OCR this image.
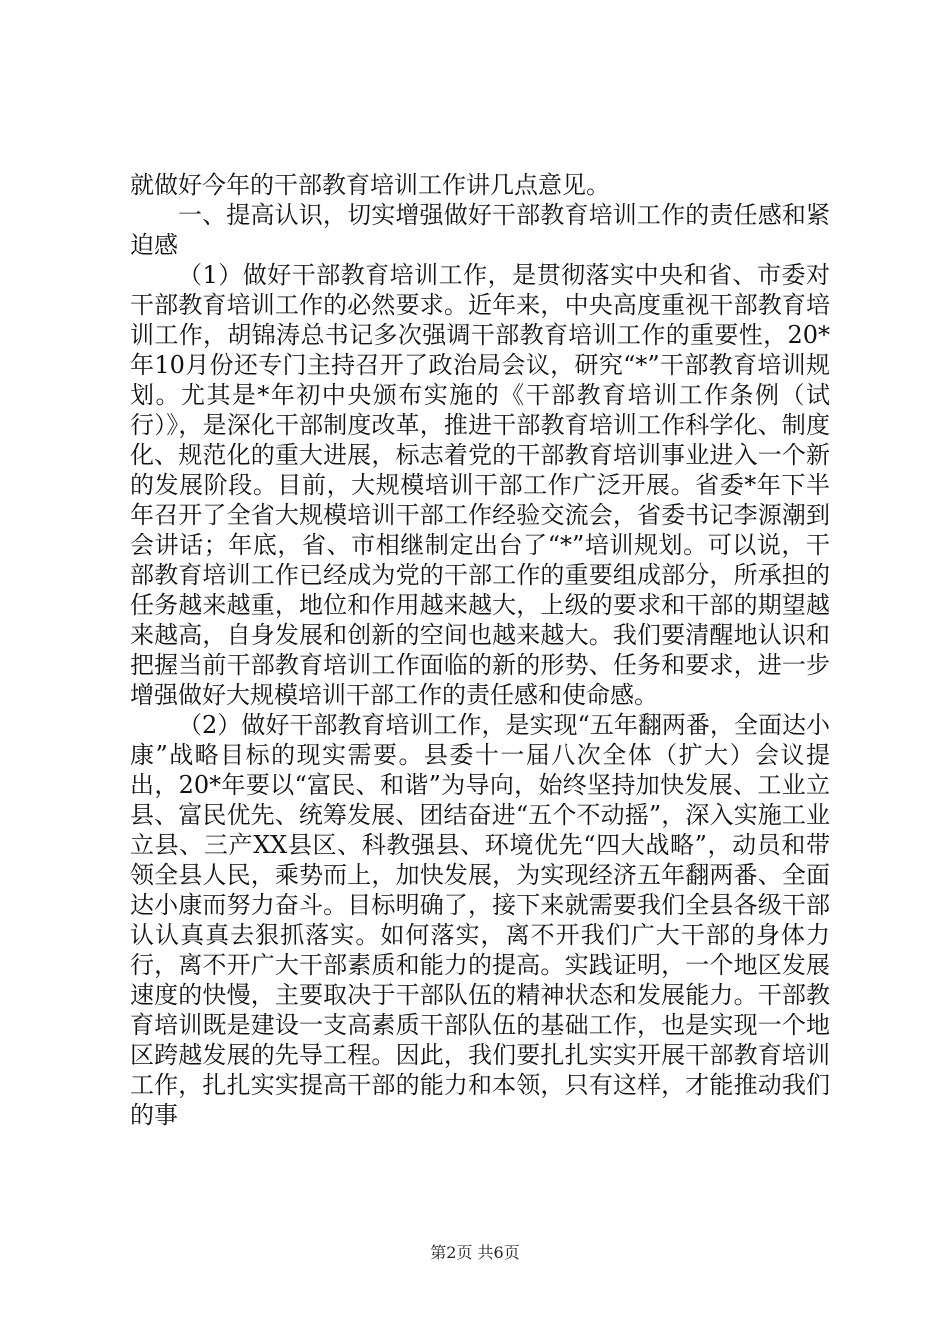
就做好今年的干部教育培训工作讲几点意见。

一、提高认识，切实增强做好干部教育培训工作的责任感和紧迫感

（1）做好干部教育培训工作，是贯彻落实中央和省、市委对干部教育培训工作的必然要求。近年来，中央高度重视干部教育培训工作，胡锦涛总书记多次强调干部教育培训工作的重要性，20*年10月份还专门主持召开了政治局会议，研究“*”干部教育培训规划。尤其是*年初中央颁布实施的《干部教育培训工作条例（试行）》，是深化干部制度改革，推进干部教育培训工作科学化、制度化、规范化的重大进展，标志着党的干部教育培训事业进入一个新的发展阶段。目前，大规模培训干部工作广泛开展。省委*年下半年召开了全省大规模培训干部工作经验交流会，省委书记李源潮到会讲话；年底，省、市相继制定出台了“*”培训规划。可以说，干部教育培训工作已经成为党的干部工作的重要组成部分，所承担的任务越来越重，地位和作用越来越大，上级的要求和干部的期望越来越高，自身发展和创新的空间也越来越大。我们要清醒地认识和把握当前干部教育培训工作面临的新的形势、任务和要求，进一步增强做好大规模培训干部工作的责任感和使命感。

（2）做好干部教育培训工作，是实现“五年翻两番，全面达小康”战略目标的现实需要。县委十一届八次全体（扩大）会议提出，20*年要以“富民、和谐”为导向，始终坚持加快发展、工业立县、富民优先、统筹发展、团结奋进“五个不动摇”，深入实施工业立县、三产XX县区、科教强县、环境优先“四大战略”，动员和带领全县人民，乘势而上，加快发展，为实现经济五年翻两番、全面达小康而努力奋斗。目标明确了，接下来就需要我们全县各级干部认认真真去狠抓落实。如何落实，离不开我们广大干部的身体力行，离不开广大干部素质和能力的提高。实践证明，一个地区发展速度的快慢，主要取决于干部队伍的精神状态和发展能力。干部教育培训既是建设一支高素质干部队伍的基础工作，也是实现一个地区跨越发展的先导工程。因此，我们要扎扎实实开展干部教育培训工作，扎扎实实提高干部的能力和本领，只有这样，才能推动我们的事

第2页 共6页
